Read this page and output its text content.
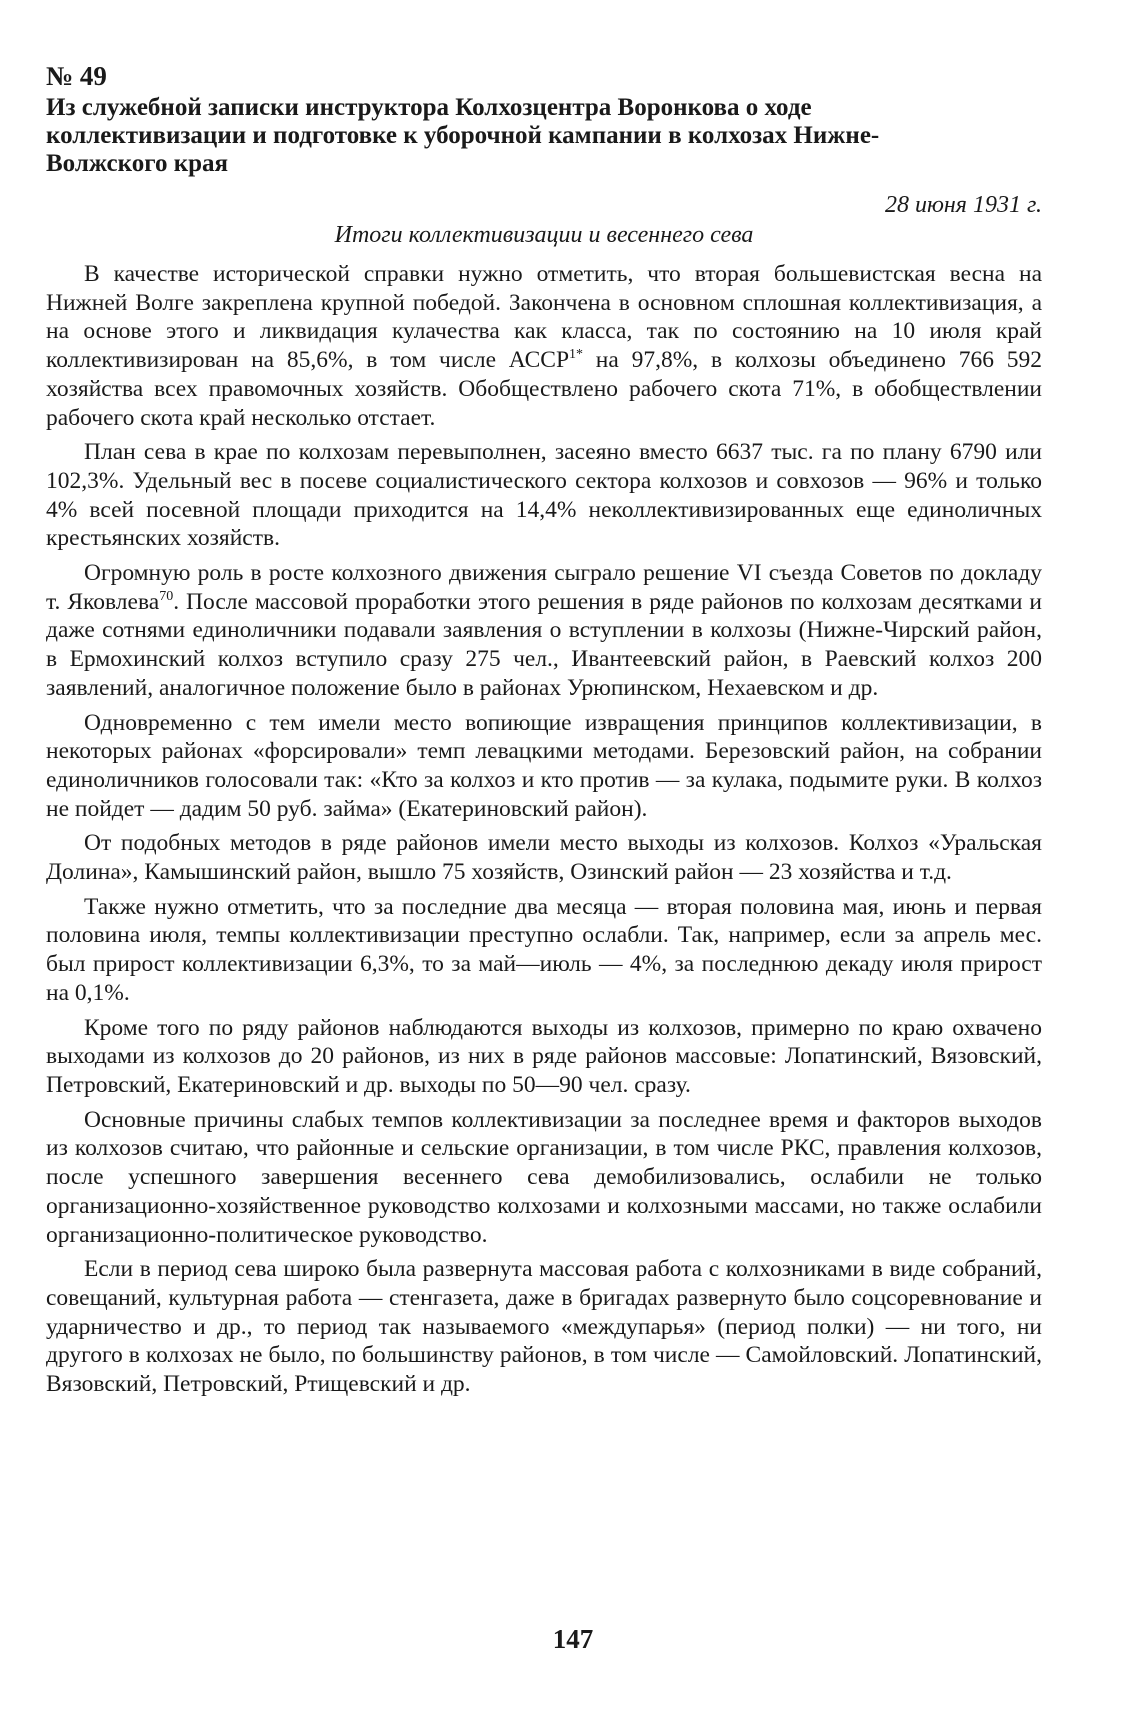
№ 49
Из служебной записки инструктора Колхозцентра Воронкова о ходе коллективизации и подготовке к уборочной кампании в колхозах Нижне-Волжского края
28 июня 1931 г.
Итоги коллективизации и весеннего сева

В качестве исторической справки нужно отметить, что вторая большевистская весна на Нижней Волге закреплена крупной победой. Закончена в основном сплошная коллективизация, а на основе этого и ликвидация кулачества как класса, так по состоянию на 10 июля край коллективизирован на 85,6%, в том числе $АССР^{1*}$ на 97,8%, в колхозы объединено 766 592 хозяйства всех правомочных хозяйств. Обобществлено рабочего скота 71%, в обобществлении рабочего скота край несколько отстает.

План сева в крае по колхозам перевыполнен, засеяно вместо 6637 тыс. га по плану 6790 или 102,3%. Удельный вес в посеве социалистического сектора колхозов и совхозов — 96% и только 4% всей посевной площади приходится на 14,4% неколлективизированных еще единоличных крестьянских хозяйств.

Огромную роль в росте колхозного движения сыграло решение VI съезда Советов по докладу т. Яковлева$^{70}$. После массовой проработки этого решения в ряде районов по колхозам десятками и даже сотнями единоличники подавали заявления о вступлении в колхозы (Нижне-Чирский район, в Ермохинский колхоз вступило сразу 275 чел., Ивантеевский район, в Раевский колхоз 200 заявлений, аналогичное положение было в районах Урюпинском, Нехаевском и др.

Одновременно с тем имели место вопиющие извращения принципов коллективизации, в некоторых районах «форсировали» темп левацкими методами. Березовский район, на собрании единоличников голосовали так: «Кто за колхоз и кто против — за кулака, подымите руки. В колхоз не пойдет — дадим 50 руб. займа» (Екатериновский район).

От подобных методов в ряде районов имели место выходы из колхозов. Колхоз «Уральская Долина», Камышинский район, вышло 75 хозяйств, Озинский район — 23 хозяйства и т.д.

Также нужно отметить, что за последние два месяца — вторая половина мая, июнь и первая половина июля, темпы коллективизации преступно ослабли. Так, например, если за апрель мес. был прирост коллективизации 6,3%, то за май—июль — 4%, за последнюю декаду июля прирост на 0,1%.

Кроме того по ряду районов наблюдаются выходы из колхозов, примерно по краю охвачено выходами из колхозов до 20 районов, из них в ряде районов массовые: Лопатинский, Вязовский, Петровский, Екатериновский и др. выходы по 50—90 чел. сразу.

Основные причины слабых темпов коллективизации за последнее время и факторов выходов из колхозов считаю, что районные и сельские организации, в том числе РКС, правления колхозов, после успешного завершения весеннего сева демобилизовались, ослабили не только организационно-хозяйственное руководство колхозами и колхозными массами, но также ослабили организационно-политическое руководство.

Если в период сева широко была развернута массовая работа с колхозниками в виде собраний, совещаний, культурная работа — стенгазета, даже в бригадах развернуто было соцсоревнование и ударничество и др., то период так называемого «междупарья» (период полки) — ни того, ни другого в колхозах не было, по большинству районов, в том числе — Самойловский. Лопатинский, Вязовский, Петровский, Ртищевский и др.

147
